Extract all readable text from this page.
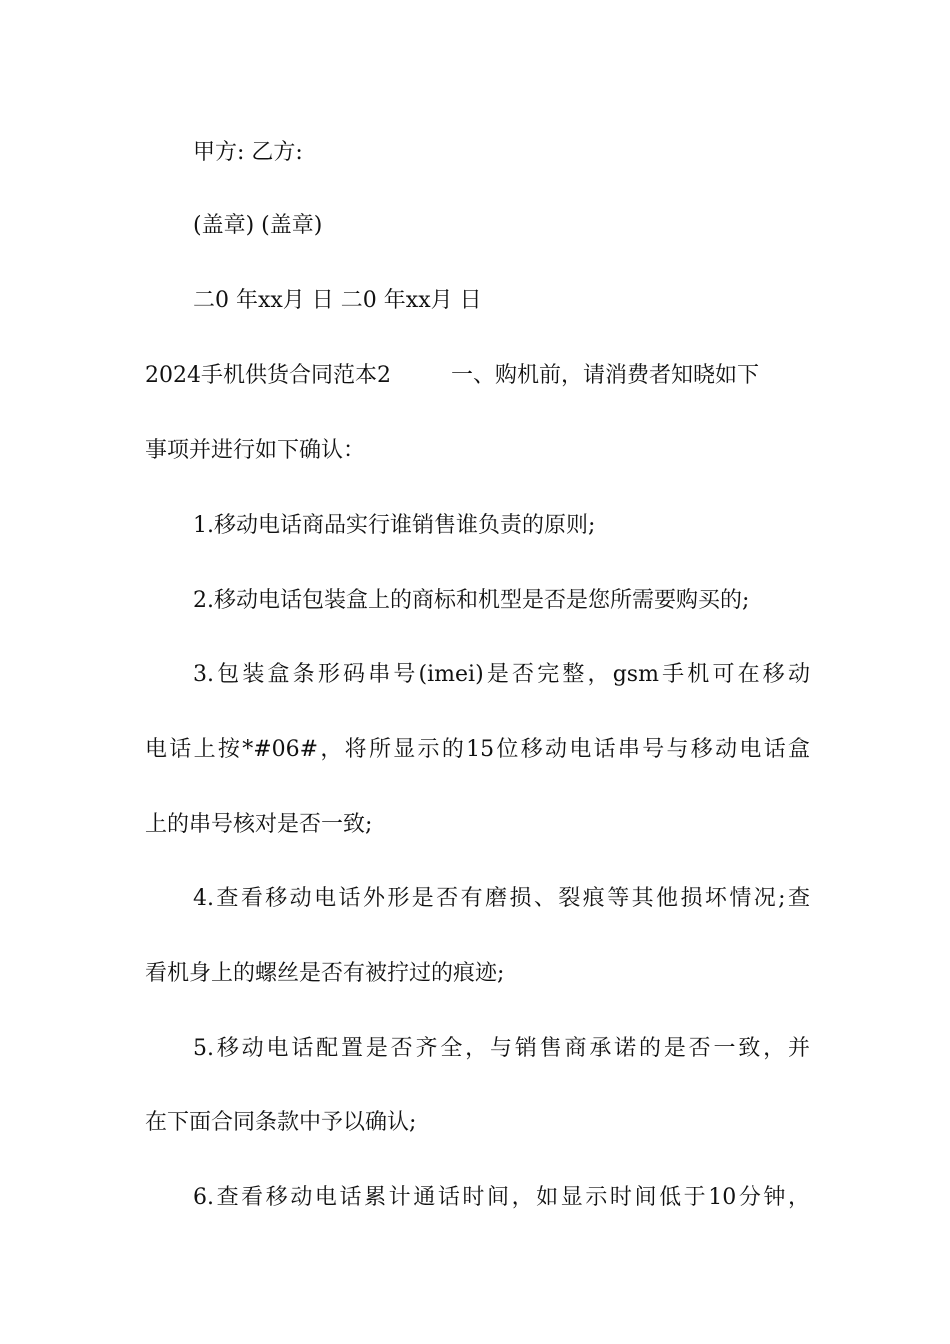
甲方: 乙方:
(盖章) (盖章)
二0 年xx月 日 二0 年xx月 日
2024手机供货合同范本2	一、购机前，请消费者知晓如下
事项并进行如下确认：
1.移动电话商品实行谁销售谁负责的原则;
2.移动电话包装盒上的商标和机型是否是您所需要购买的;
3.包装盒条形码串号(imei)是否完整，gsm手机可在移动
电话上按*#06#，将所显示的15位移动电话串号与移动电话盒
上的串号核对是否一致;
4.查看移动电话外形是否有磨损、裂痕等其他损坏情况;查
看机身上的螺丝是否有被拧过的痕迹;
5.移动电话配置是否齐全，与销售商承诺的是否一致，并
在下面合同条款中予以确认;
6.查看移动电话累计通话时间，如显示时间低于10分钟，
